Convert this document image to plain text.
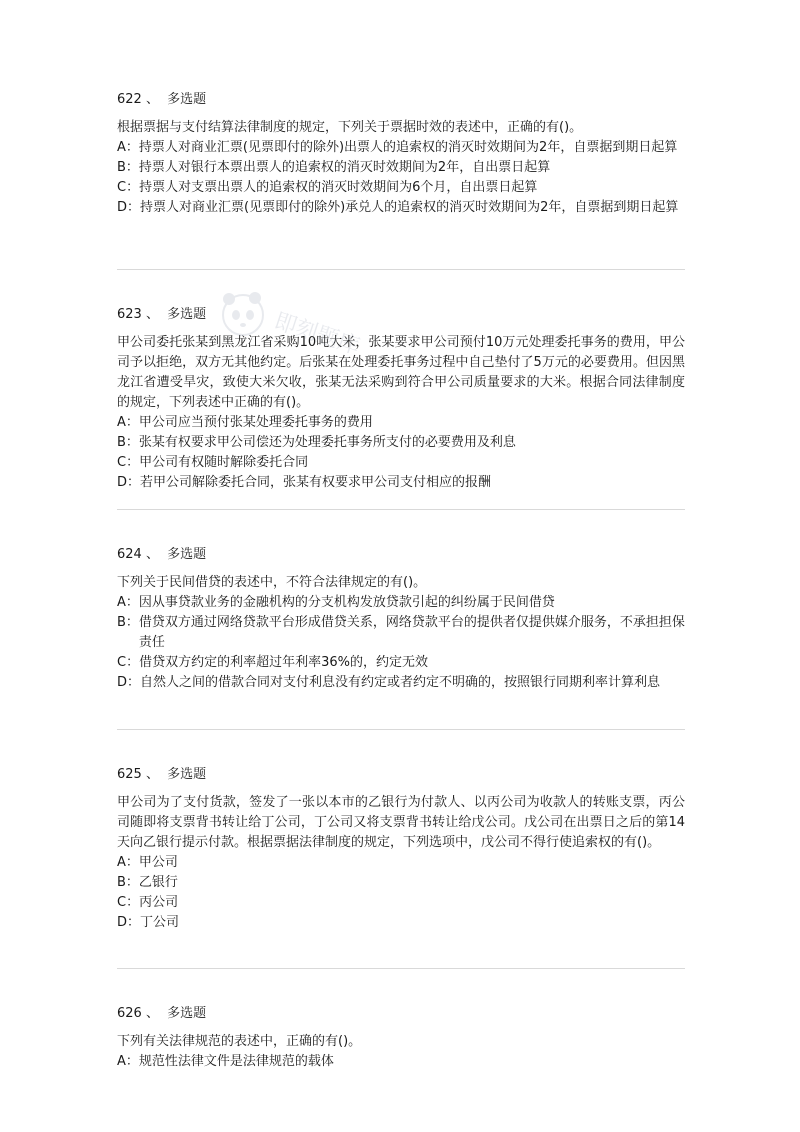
622 、 多选题
根据票据与支付结算法律制度的规定，下列关于票据时效的表述中，正确的有()。
A： 持票人对商业汇票(见票即付的除外)出票人的追索权的消灭时效期间为2年，自票据到期日起算
B： 持票人对银行本票出票人的追索权的消灭时效期间为2年，自出票日起算
C： 持票人对支票出票人的追索权的消灭时效期间为6个月，自出票日起算
D： 持票人对商业汇票(见票即付的除外)承兑人的追索权的消灭时效期间为2年，自票据到期日起算
623 、 多选题
甲公司委托张某到黑龙江省采购10吨大米，张某要求甲公司预付10万元处理委托事务的费用，甲公司予以拒绝，双方无其他约定。后张某在处理委托事务过程中自己垫付了5万元的必要费用。但因黑龙江省遭受旱灾，致使大米欠收，张某无法采购到符合甲公司质量要求的大米。根据合同法律制度的规定，下列表述中正确的有()。
A： 甲公司应当预付张某处理委托事务的费用
B： 张某有权要求甲公司偿还为处理委托事务所支付的必要费用及利息
C： 甲公司有权随时解除委托合同
D： 若甲公司解除委托合同，张某有权要求甲公司支付相应的报酬
624 、 多选题
下列关于民间借贷的表述中，不符合法律规定的有()。
A： 因从事贷款业务的金融机构的分支机构发放贷款引起的纠纷属于民间借贷
B： 借贷双方通过网络贷款平台形成借贷关系，网络贷款平台的提供者仅提供媒介服务，不承担担保责任
C： 借贷双方约定的利率超过年利率36%的，约定无效
D： 自然人之间的借款合同对支付利息没有约定或者约定不明确的，按照银行同期利率计算利息
625 、 多选题
甲公司为了支付货款，签发了一张以本市的乙银行为付款人、以丙公司为收款人的转账支票，丙公司随即将支票背书转让给丁公司，丁公司又将支票背书转让给戊公司。戊公司在出票日之后的第14天向乙银行提示付款。根据票据法律制度的规定，下列选项中，戊公司不得行使追索权的有()。
A： 甲公司
B： 乙银行
C： 丙公司
D： 丁公司
626 、 多选题
下列有关法律规范的表述中，正确的有()。
A： 规范性法律文件是法律规范的载体
即刻题库
